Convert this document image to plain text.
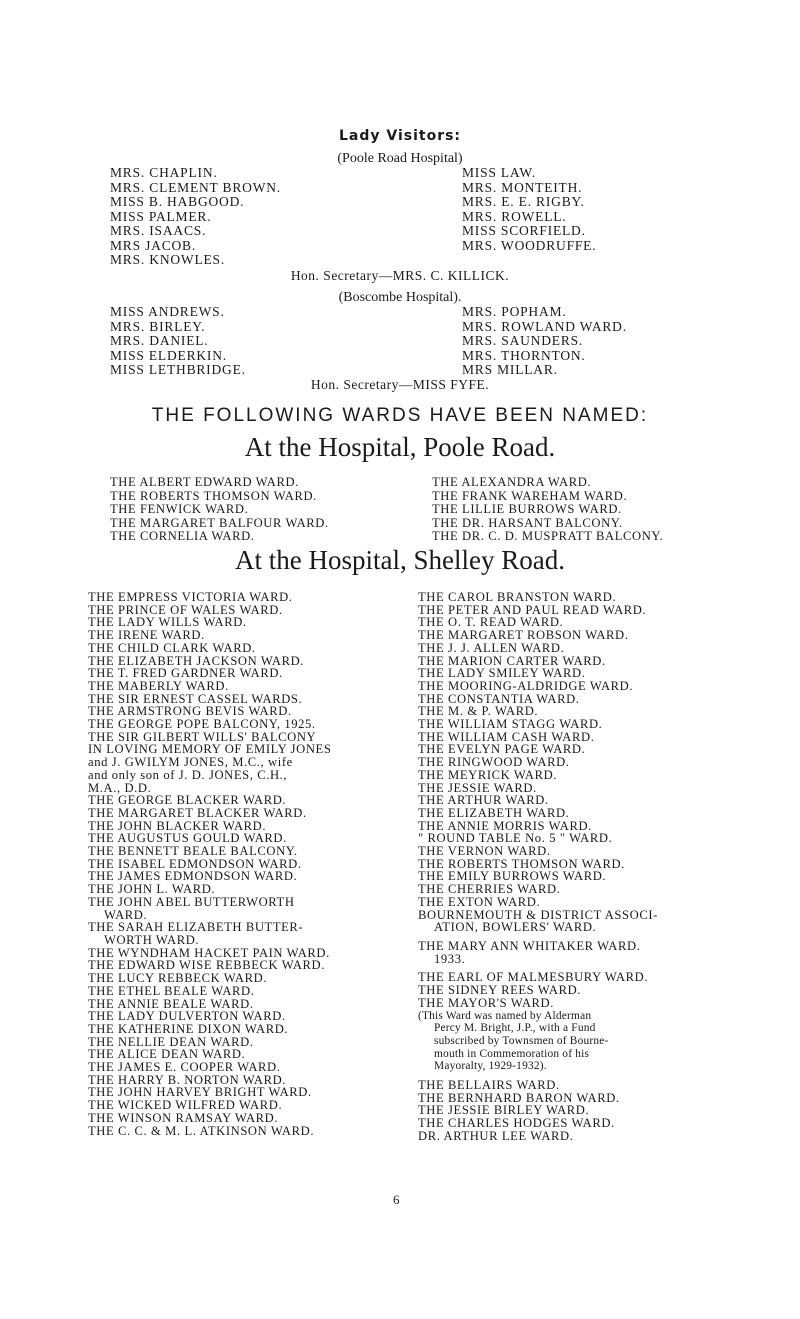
Lady Visitors:
(Poole Road Hospital)
MRS. CHAPLIN.
MRS. CLEMENT BROWN.
MISS B. HABGOOD.
MISS PALMER.
MRS. ISAACS.
MRS JACOB.
MRS. KNOWLES.
MISS LAW.
MRS. MONTEITH.
MRS. E. E. RIGBY.
MRS. ROWELL.
MISS SCORFIELD.
MRS. WOODRUFFE.
Hon. Secretary—MRS. C. KILLICK.
(Boscombe Hospital).
MISS ANDREWS.
MRS. BIRLEY.
MRS. DANIEL.
MISS ELDERKIN.
MISS LETHBRIDGE.
MRS. POPHAM.
MRS. ROWLAND WARD.
MRS. SAUNDERS.
MRS. THORNTON.
MRS MILLAR.
Hon. Secretary—MISS FYFE.
THE FOLLOWING WARDS HAVE BEEN NAMED:
At the Hospital, Poole Road.
THE ALBERT EDWARD WARD.
THE ROBERTS THOMSON WARD.
THE FENWICK WARD.
THE MARGARET BALFOUR WARD.
THE CORNELIA WARD.
THE ALEXANDRA WARD.
THE FRANK WAREHAM WARD.
THE LILLIE BURROWS WARD.
THE DR. HARSANT BALCONY.
THE DR. C. D. MUSPRATT BALCONY.
At the Hospital, Shelley Road.
THE EMPRESS VICTORIA WARD.
THE PRINCE OF WALES WARD.
THE LADY WILLS WARD.
THE IRENE WARD.
THE CHILD CLARK WARD.
THE ELIZABETH JACKSON WARD.
THE T. FRED GARDNER WARD.
THE MABERLY WARD.
THE SIR ERNEST CASSEL WARDS.
THE ARMSTRONG BEVIS WARD.
THE GEORGE POPE BALCONY, 1925.
THE SIR GILBERT WILLS' BALCONY
IN LOVING MEMORY OF EMILY JONES
and J. GWILYM JONES, M.C., wife
and only son of J. D. JONES, C.H.,
M.A., D.D.
THE GEORGE BLACKER WARD.
THE MARGARET BLACKER WARD.
THE JOHN BLACKER WARD.
THE AUGUSTUS GOULD WARD.
THE BENNETT BEALE BALCONY.
THE ISABEL EDMONDSON WARD.
THE JAMES EDMONDSON WARD.
THE JOHN L. WARD.
THE JOHN ABEL BUTTERWORTH
WARD.
THE SARAH ELIZABETH BUTTER-
WORTH WARD.
THE WYNDHAM HACKET PAIN WARD.
THE EDWARD WISE REBBECK WARD.
THE LUCY REBBECK WARD.
THE ETHEL BEALE WARD.
THE ANNIE BEALE WARD.
THE LADY DULVERTON WARD.
THE KATHERINE DIXON WARD.
THE NELLIE DEAN WARD.
THE ALICE DEAN WARD.
THE JAMES E. COOPER WARD.
THE HARRY B. NORTON WARD.
THE JOHN HARVEY BRIGHT WARD.
THE WICKED WILFRED WARD.
THE WINSON RAMSAY WARD.
THE C. C. & M. L. ATKINSON WARD.
THE CAROL BRANSTON WARD.
THE PETER AND PAUL READ WARD.
THE O. T. READ WARD.
THE MARGARET ROBSON WARD.
THE J. J. ALLEN WARD.
THE MARION CARTER WARD.
THE LADY SMILEY WARD.
THE MOORING-ALDRIDGE WARD.
THE CONSTANTIA WARD.
THE M. & P. WARD.
THE WILLIAM STAGG WARD.
THE WILLIAM CASH WARD.
THE EVELYN PAGE WARD.
THE RINGWOOD WARD.
THE MEYRICK WARD.
THE JESSIE WARD.
THE ARTHUR WARD.
THE ELIZABETH WARD.
THE ANNIE MORRIS WARD.
" ROUND TABLE No. 5 " WARD.
THE VERNON WARD.
THE ROBERTS THOMSON WARD.
THE EMILY BURROWS WARD.
THE CHERRIES WARD.
THE EXTON WARD.
BOURNEMOUTH & DISTRICT ASSOCI-
ATION, BOWLERS' WARD.
THE MARY ANN WHITAKER WARD.
1933.
THE EARL OF MALMESBURY WARD.
THE SIDNEY REES WARD.
THE MAYOR'S WARD.
(This Ward was named by Alderman
Percy M. Bright, J.P., with a Fund
subscribed by Townsmen of Bourne-
mouth in Commemoration of his
Mayoralty, 1929-1932).
THE BELLAIRS WARD.
THE BERNHARD BARON WARD.
THE JESSIE BIRLEY WARD.
THE CHARLES HODGES WARD.
DR. ARTHUR LEE WARD.
6
